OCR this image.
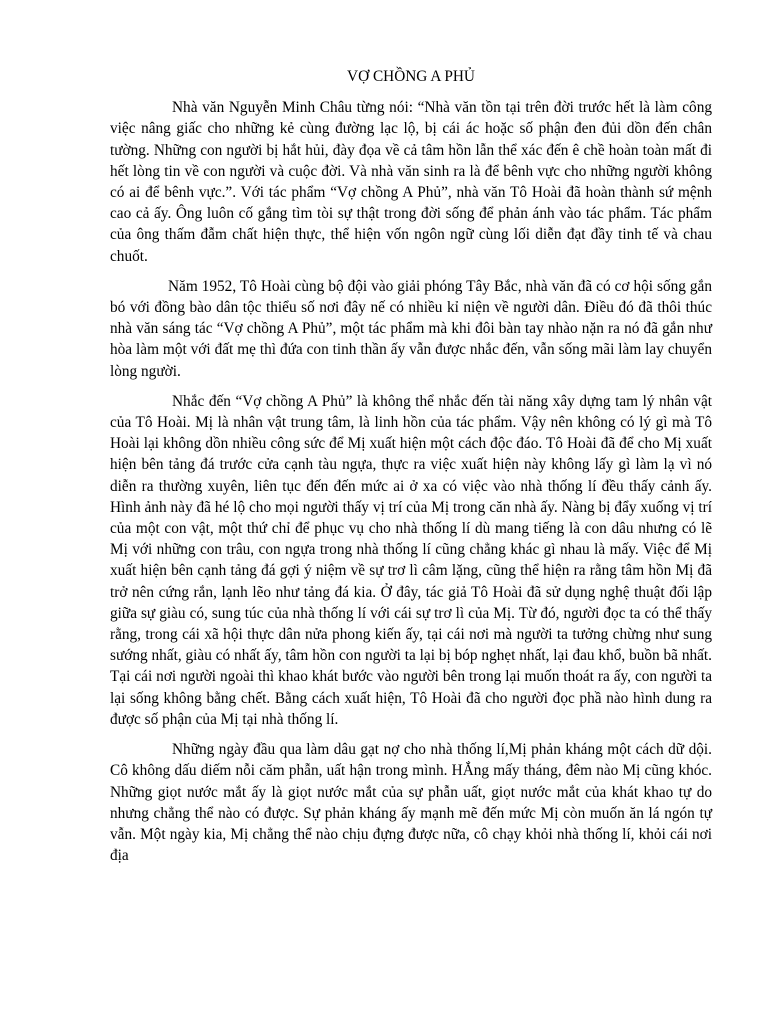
VỢ CHỒNG A PHỦ

Nhà văn Nguyễn Minh Châu từng nói: “Nhà văn tồn tại trên đời trước hết là làm công việc nâng giấc cho những kẻ cùng đường lạc lộ, bị cái ác hoặc số phận đen đủi dồn đến chân tường. Những con người bị hắt hủi, đày đọa về cả tâm hồn lẫn thể xác đến ê chề hoàn toàn mất đi hết lòng tin về con người và cuộc đời. Và nhà văn sinh ra là để bênh vực cho những người không có ai để bênh vực.”. Với tác phẩm “Vợ chồng A Phủ”, nhà văn Tô Hoài đã hoàn thành sứ mệnh cao cả ấy. Ông luôn cố gắng tìm tòi sự thật trong đời sống để phản ánh vào tác phẩm. Tác phẩm của ông thấm đẫm chất hiện thực, thể hiện vốn ngôn ngữ cùng lối diễn đạt đầy tinh tế và chau chuốt.

Năm 1952, Tô Hoài cùng bộ đội vào giải phóng Tây Bắc, nhà văn đã có cơ hội sống gắn bó với đồng bào dân tộc thiểu số nơi đây nế có nhiều kỉ niện về người dân. Điều đó đã thôi thúc nhà văn sáng tác “Vợ chồng A Phủ”, một tác phẩm mà khi đôi bàn tay nhào nặn ra nó đã gắn như hòa làm một với đất mẹ thì đứa con tinh thần ấy vẫn được nhắc đến, vẫn sống mãi làm lay chuyển lòng người.

Nhắc đến “Vợ chồng A Phủ” là không thể nhắc đến tài năng xây dựng tam lý nhân vật của Tô Hoài. Mị là nhân vật trung tâm, là linh hồn của tác phẩm. Vậy nên không có lý gì mà Tô Hoài lại không dồn nhiều công sức để Mị xuất hiện một cách độc đáo. Tô Hoài đã để cho Mị xuất hiện bên tảng đá trước cửa cạnh tàu ngựa, thực ra việc xuất hiện này không lấy gì làm lạ vì nó diễn ra thường xuyên, liên tục đến đến mức ai ở xa có việc vào nhà thống lí đều thấy cảnh ấy. Hình ảnh này đã hé lộ cho mọi người thấy vị trí của Mị trong căn nhà ấy. Nàng bị đẩy xuống vị trí của một con vật, một thứ chỉ để phục vụ cho nhà thống lí dù mang tiếng là con dâu nhưng có lẽ Mị với những con trâu, con ngựa trong nhà thống lí cũng chẳng khác gì nhau là mấy. Việc để Mị xuất hiện bên cạnh tảng đá gợi ý niệm về sự trơ lì câm lặng, cũng thể hiện ra rằng tâm hồn Mị đã trở nên cứng rắn, lạnh lẽo như tảng đá kia. Ở đây, tác giả Tô Hoài đã sử dụng nghệ thuật đối lập giữa sự giàu có, sung túc của nhà thống lí với cái sự trơ lì của Mị. Từ đó, người đọc ta có thể thấy rằng, trong cái xã hội thực dân nửa phong kiến ấy, tại cái nơi mà người ta tưởng chừng như sung sướng nhất, giàu có nhất ấy, tâm hồn con người ta lại bị bóp nghẹt nhất, lại đau khổ, buồn bã nhất. Tại cái nơi người ngoài thì khao khát bước vào người bên trong lại muốn thoát ra ấy, con người ta lại sống không bằng chết. Bằng cách xuất hiện, Tô Hoài đã cho người đọc phầ nào hình dung ra được số phận của Mị tại nhà thống lí.

Những ngày đầu qua làm dâu gạt nợ cho nhà thống lí,Mị phản kháng một cách dữ dội. Cô không dấu diếm nỗi căm phẫn, uất hận trong mình. HẮng mấy tháng, đêm nào Mị cũng khóc. Những giọt nước mắt ấy là giọt nước mắt của sự phẫn uất, giọt nước mắt của khát khao tự do nhưng chẳng thể nào có được. Sự phản kháng ấy mạnh mẽ đến mức Mị còn muốn ăn lá ngón tự vẫn. Một ngày kia, Mị chẳng thể nào chịu đựng được nữa, cô chạy khỏi nhà thống lí, khỏi cái nơi địa
